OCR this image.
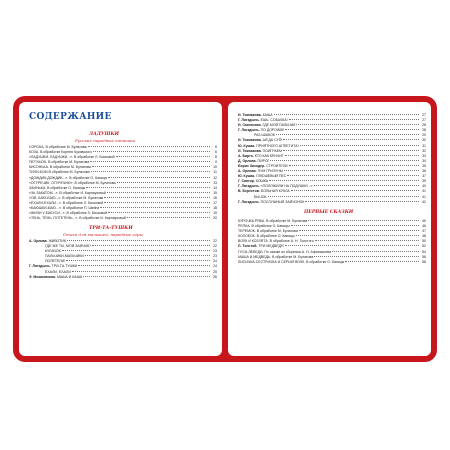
СОДЕРЖАНИЕ
ЛАДУШКИ
Русские народные потешки
СОРОКА. В обработке М. Булатова	6
КОЗА. В обработке Корнея Чуковского	6
«ЛАДУШКИ, ЛАДУШКИ...». В обработке Л. Бисковой	8
ПЕТУШОК. В обработке М. Булатова	9
КИСОНЬКА. В обработке М. Булатова	10
ТИЛИ-БОМ В обработке М. Булатова	11
«ДОЖДИК-ДОЖДИК...». В обработке О. Капицы	12
«ОГУРЕЧИК, ОГУРЕЧИК!». В обработке М. Булатова	13
ЗАИНЬКА. В обработке О. Капицы	14
«ЗА ЗАКАТОМ...». В обработке И. Карнауховой	15
«ОЙ, БАЮ-БАЮ...». В обработке М. Булатова	16
«ЕХАЛИ-ЕХАЛИ...». В обработке Л. Бисковой	17
«БАЮШКИ-БАЮ...». В обработке П. Шейна	18
«ЖИЛИ У БАБУСИ...». В обработке Л. Бисковой	19
«ТЕНЬ, ТЕНЬ, ПОТЕТЕНЬ...». В обработке И. Карнауховой	20
ТРИ-ТА-ТУШКИ
Стихи для малышей, народные игры
А. Орлова. ЖИВОТИК	22
ГДЕ ЖЕ ТЫ, МОЙ ЗАЙЧИК?	22
КУЛАЧОК	23
ПАЛЬЧИКИ-МАЛЬЧИКИ	23
ПОЛЕТЕЛИ!	24
Г. Лагздынь. ТРИ-ТА-ТУШКИ	24
ЕХАЛИ, ЕХАЛИ	25
Э. Мошковская. МАША И КАША	26
И. Токмакова. КАША	27
Г. Лагздынь. ЕШЬ, СОБАЧКА!	27
Н. Сакопская. ГДЕ МОЙ ПАЛЬЧИК?	28
Г. Лагздынь. ПО ДОРОЖКЕ	28
РАЗ ШАЖОК	29
И. Токмакова. АЙ ДА СУП!	30
Ю. Кушак. ПРИЯТНОГО АППЕТИТА!	31
И. Токмакова. ПОИГРАЕМ	32
А. Барто. КТО КАК КРИЧИТ	33
Д. Орлова. ПИРОГ	34
Борис Заходер. СТРОИТЕЛИ	35
А. Орлова. ПУМ ГРИЗУНЫ	36
Ю. Кушак. ПЛЮШЕВЫЙ ПЕС	37
Г. Сапгир. КОШКА	39
Г. Лагздынь. «ПОЛОЖИЛИ НА ПОДУШКИ...»	40
В. Берестов. БОЛЬНАЯ КУКЛА	41
БЫЧОК	41
Г. Лагздынь. ПОСЛУШНЫЙ ЗАЙЧОНОК	42
ПЕРВЫЕ СКАЗКИ
КУРОЧКА РЯБА. В обработке М. Булатова	45
РЕПКА. В обработке О. Капицы	46
ТЕРЕМОК. В обработке М. Булатова	47
КОЛОБОК. В обработке О. Капицы	48
ВОЛК И КОЗЛЯТА. В обработке А. Н. Толстого	50
Л. Толстой. ТРИ МЕДВЕДЯ	52
ГУСИ-ЛЕБЕДИ. По сказке из сборника А. Н. Афанасьева	54
МАША И МЕДВЕДЬ. В обработке М. Булатова	56
ЛИСИЧКА-СЕСТРИЧКА И СЕРЫЙ ВОЛК. В обработке О. Капицы	58
